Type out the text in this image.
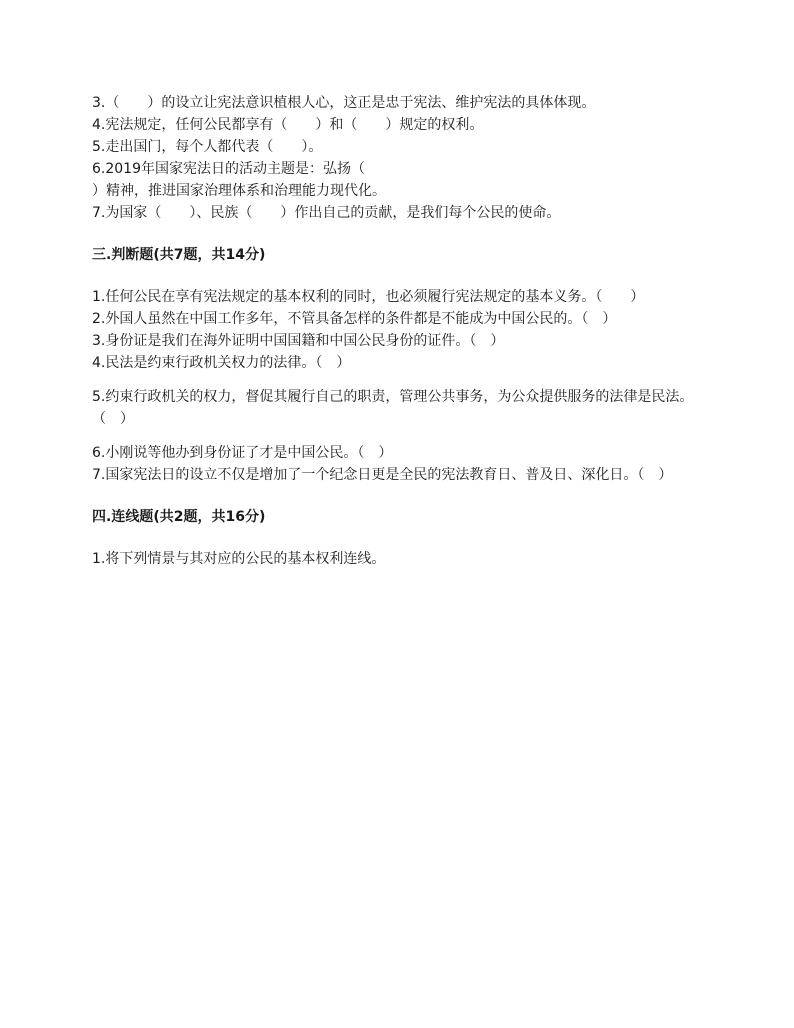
3.（　　）的设立让宪法意识植根人心，这正是忠于宪法、维护宪法的具体体现。
4.宪法规定，任何公民都享有（　　）和（　　）规定的权利。
5.走出国门，每个人都代表（　　）。
6.2019年国家宪法日的活动主题是：弘扬（
）精神，推进国家治理体系和治理能力现代化。
7.为国家（　　）、民族（　　）作出自己的贡献，是我们每个公民的使命。
三.判断题(共7题，共14分)
1.任何公民在享有宪法规定的基本权利的同时，也必须履行宪法规定的基本义务。（　　）
2.外国人虽然在中国工作多年，不管具备怎样的条件都是不能成为中国公民的。（　）
3.身份证是我们在海外证明中国国籍和中国公民身份的证件。（　）
4.民法是约束行政机关权力的法律。（　）
5.约束行政机关的权力，督促其履行自己的职责，管理公共事务，为公众提供服务的法律是民法。（　）
6.小刚说等他办到身份证了才是中国公民。（　）
7.国家宪法日的设立不仅是增加了一个纪念日更是全民的宪法教育日、普及日、深化日。（　）
四.连线题(共2题，共16分)
1.将下列情景与其对应的公民的基本权利连线。
